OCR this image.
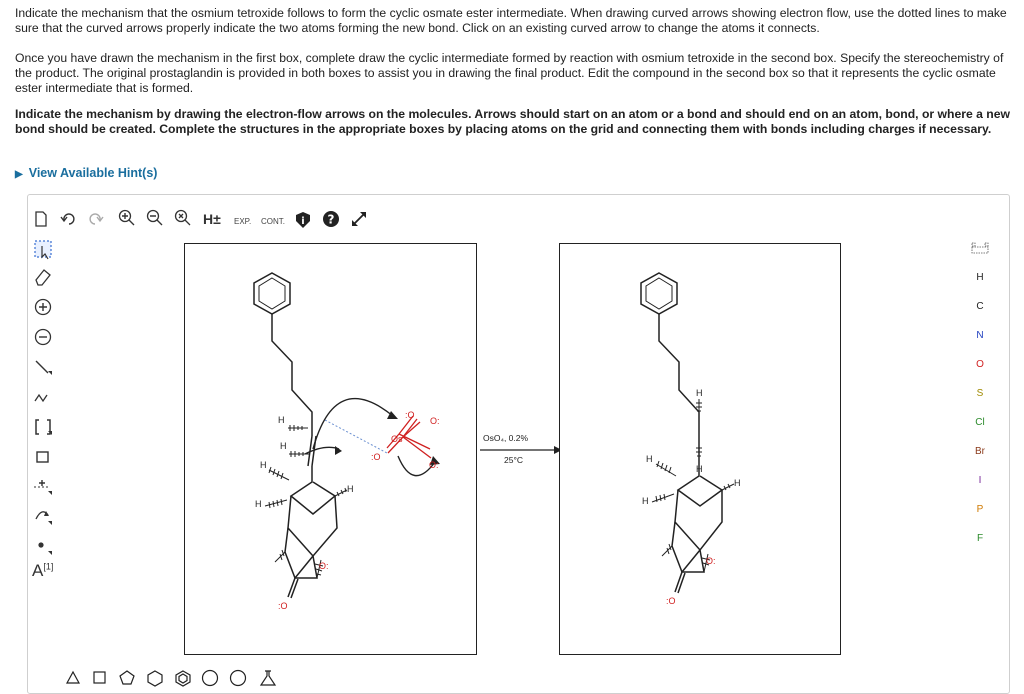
Indicate the mechanism that the osmium tetroxide follows to form the cyclic osmate ester intermediate. When drawing curved arrows showing electron flow, use the dotted lines to make sure that the curved arrows properly indicate the two atoms forming the new bond. Click on an existing curved arrow to change the atoms it connects.
Once you have drawn the mechanism in the first box, complete draw the cyclic intermediate formed by reaction with osmium tetroxide in the second box. Specify the stereochemistry of the product. The original prostaglandin is provided in both boxes to assist you in drawing the final product. Edit the compound in the second box so that it represents the cyclic osmate ester intermediate that is formed.
Indicate the mechanism by drawing the electron-flow arrows on the molecules. Arrows should start on an atom or a bond and should end on an atom, bond, or where a new bond should be created. Complete the structures in the appropriate boxes by placing atoms on the grid and connecting them with bonds including charges if necessary.
▶ View Available Hint(s)
H± EXP. CONT. i ?
A[1]
H
C
N
O
S
Cl
Br
I
P
F
H
H
H
H
H
Os
:O
O:
:O
O:
O:
:O
OsO₄, 0.2%
25°C
H
H
H
H
H
O:
:O
